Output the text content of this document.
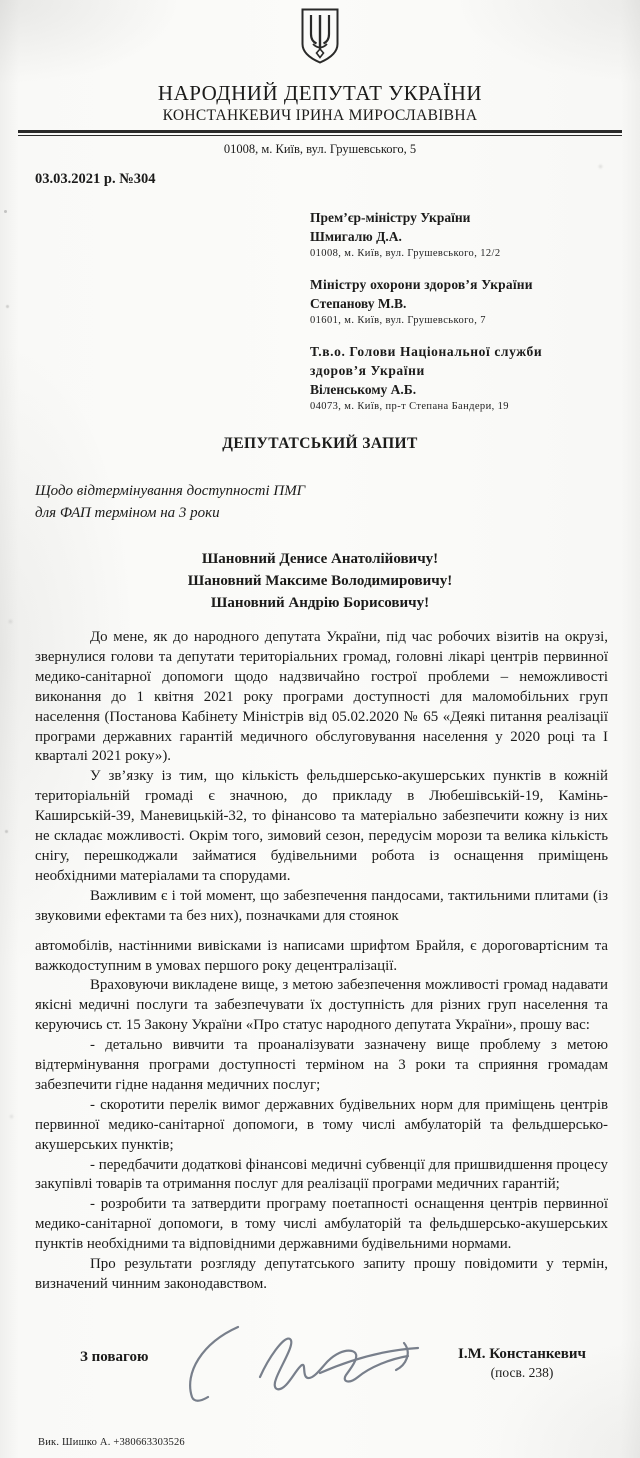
НАРОДНИЙ ДЕПУТАТ УКРАЇНИ
КОНСТАНКЕВИЧ ІРИНА МИРОСЛАВІВНА
01008, м. Київ, вул. Грушевського, 5
03.03.2021 р. №304
Прем’єр-міністру України
Шмигалю Д.А.
01008, м. Київ, вул. Грушевського, 12/2
Міністру охорони здоров’я України
Степанову М.В.
01601, м. Київ, вул. Грушевського, 7
Т.в.о. Голови Національної служби здоров’я України
Віленському А.Б.
04073, м. Київ, пр-т Степана Бандери, 19
ДЕПУТАТСЬКИЙ ЗАПИТ
Щодо відтермінування доступності ПМГ
для ФАП терміном на 3 роки
Шановний Денисе Анатолійовичу!
Шановний Максиме Володимировичу!
Шановний Андрію Борисовичу!

До мене, як до народного депутата України, під час робочих візитів на окрузі, звернулися голови та депутати територіальних громад, головні лікарі центрів первинної медико-санітарної допомоги щодо надзвичайно гострої проблеми – неможливості виконання до 1 квітня 2021 року програми доступності для маломобільних груп населення (Постанова Кабінету Міністрів від 05.02.2020 № 65 «Деякі питання реалізації програми державних гарантій медичного обслуговування населення у 2020 році та І кварталі 2021 року»).

У зв’язку із тим, що кількість фельдшерсько-акушерських пунктів в кожній територіальній громаді є значною, до прикладу в Любешівській-19, Камінь-Каширській-39, Маневицькій-32, то фінансово та матеріально забезпечити кожну із них не складає можливості. Окрім того, зимовий сезон, передусім морози та велика кількість снігу, перешкоджали займатися будівельними робота із оснащення приміщень необхідними матеріалами та спорудами.

Важливим є і той момент, що забезпечення пандосами, тактильними плитами (із звуковими ефектами та без них), позначками для стоянок

автомобілів, настінними вивісками із написами шрифтом Брайля, є дороговартісним та важкодоступним в умовах першого року децентралізації.

Враховуючи викладене вище, з метою забезпечення можливості громад надавати якісні медичні послуги та забезпечувати їх доступність для різних груп населення та керуючись ст. 15 Закону України «Про статус народного депутата України», прошу вас:

- детально вивчити та проаналізувати зазначену вище проблему з метою відтермінування програми доступності терміном на 3 роки та сприяння громадам забезпечити гідне надання медичних послуг;

- скоротити перелік вимог державних будівельних норм для приміщень центрів первинної медико-санітарної допомоги, в тому числі амбулаторій та фельдшерсько-акушерських пунктів;

- передбачити додаткові фінансові медичні субвенції для пришвидшення процесу закупівлі товарів та отримання послуг для реалізації програми медичних гарантій;

- розробити та затвердити програму поетапності оснащення центрів первинної медико-санітарної допомоги, в тому числі амбулаторій та фельдшерсько-акушерських пунктів необхідними та відповідними державними будівельними нормами.

Про результати розгляду депутатського запиту прошу повідомити у термін, визначений чинним законодавством.

З повагою	І.М. Констанкевич
(посв. 238)
Вик. Шишко А. +380663303526
